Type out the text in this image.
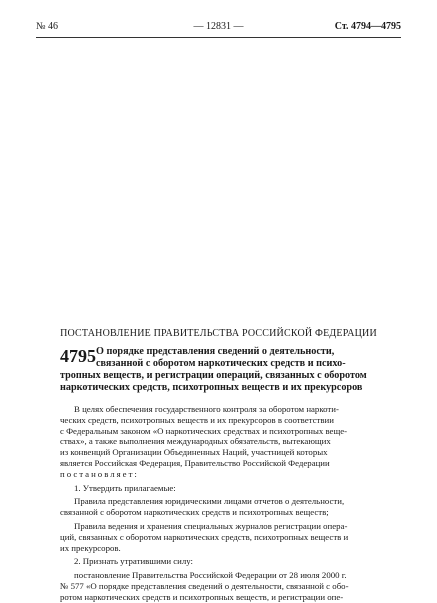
№ 46	— 12831 —	Ст. 4794—4795
ПОСТАНОВЛЕНИЕ ПРАВИТЕЛЬСТВА РОССИЙСКОЙ ФЕДЕРАЦИИ
4795 О порядке представления сведений о деятельности,
связанной с оборотом наркотических средств и психо-
тропных веществ, и регистрации операций, связанных с оборотом
наркотических средств, психотропных веществ и их прекурсоров

В целях обеспечения государственного контроля за оборотом наркоти-
ческих средств, психотропных веществ и их прекурсоров в соответствии
с Федеральным законом «О наркотических средствах и психотропных веще-
ствах», а также выполнения международных обязательств, вытекающих
из конвенций Организации Объединенных Наций, участницей которых
является Российская Федерация, Правительство Российской Федерации
постановляет:

1. Утвердить прилагаемые:

Правила представления юридическими лицами отчетов о деятельности,
связанной с оборотом наркотических средств и психотропных веществ;

Правила ведения и хранения специальных журналов регистрации опера-
ций, связанных с оборотом наркотических средств, психотропных веществ и
их прекурсоров.

2. Признать утратившими силу:

постановление Правительства Российской Федерации от 28 июля 2000 г.
№ 577 «О порядке представления сведений о деятельности, связанной с обо-
ротом наркотических средств и психотропных веществ, и регистрации опе-
